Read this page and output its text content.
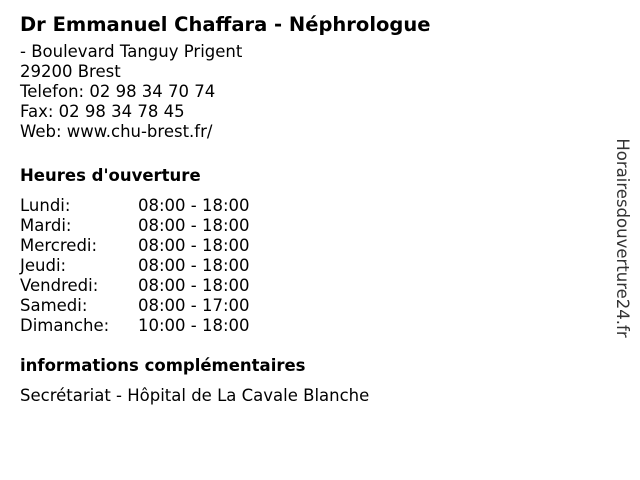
Dr Emmanuel Chaffara - Néphrologue
- Boulevard Tanguy Prigent
29200 Brest
Telefon: 02 98 34 70 74
Fax: 02 98 34 78 45
Web: www.chu-brest.fr/
Heures d'ouverture
Lundi:	08:00 - 18:00
Mardi:	08:00 - 18:00
Mercredi:	08:00 - 18:00
Jeudi:	08:00 - 18:00
Vendredi:	08:00 - 18:00
Samedi:	08:00 - 17:00
Dimanche:	10:00 - 18:00
informations complémentaires
Secrétariat - Hôpital de La Cavale Blanche
Horairesdouverture24.fr
